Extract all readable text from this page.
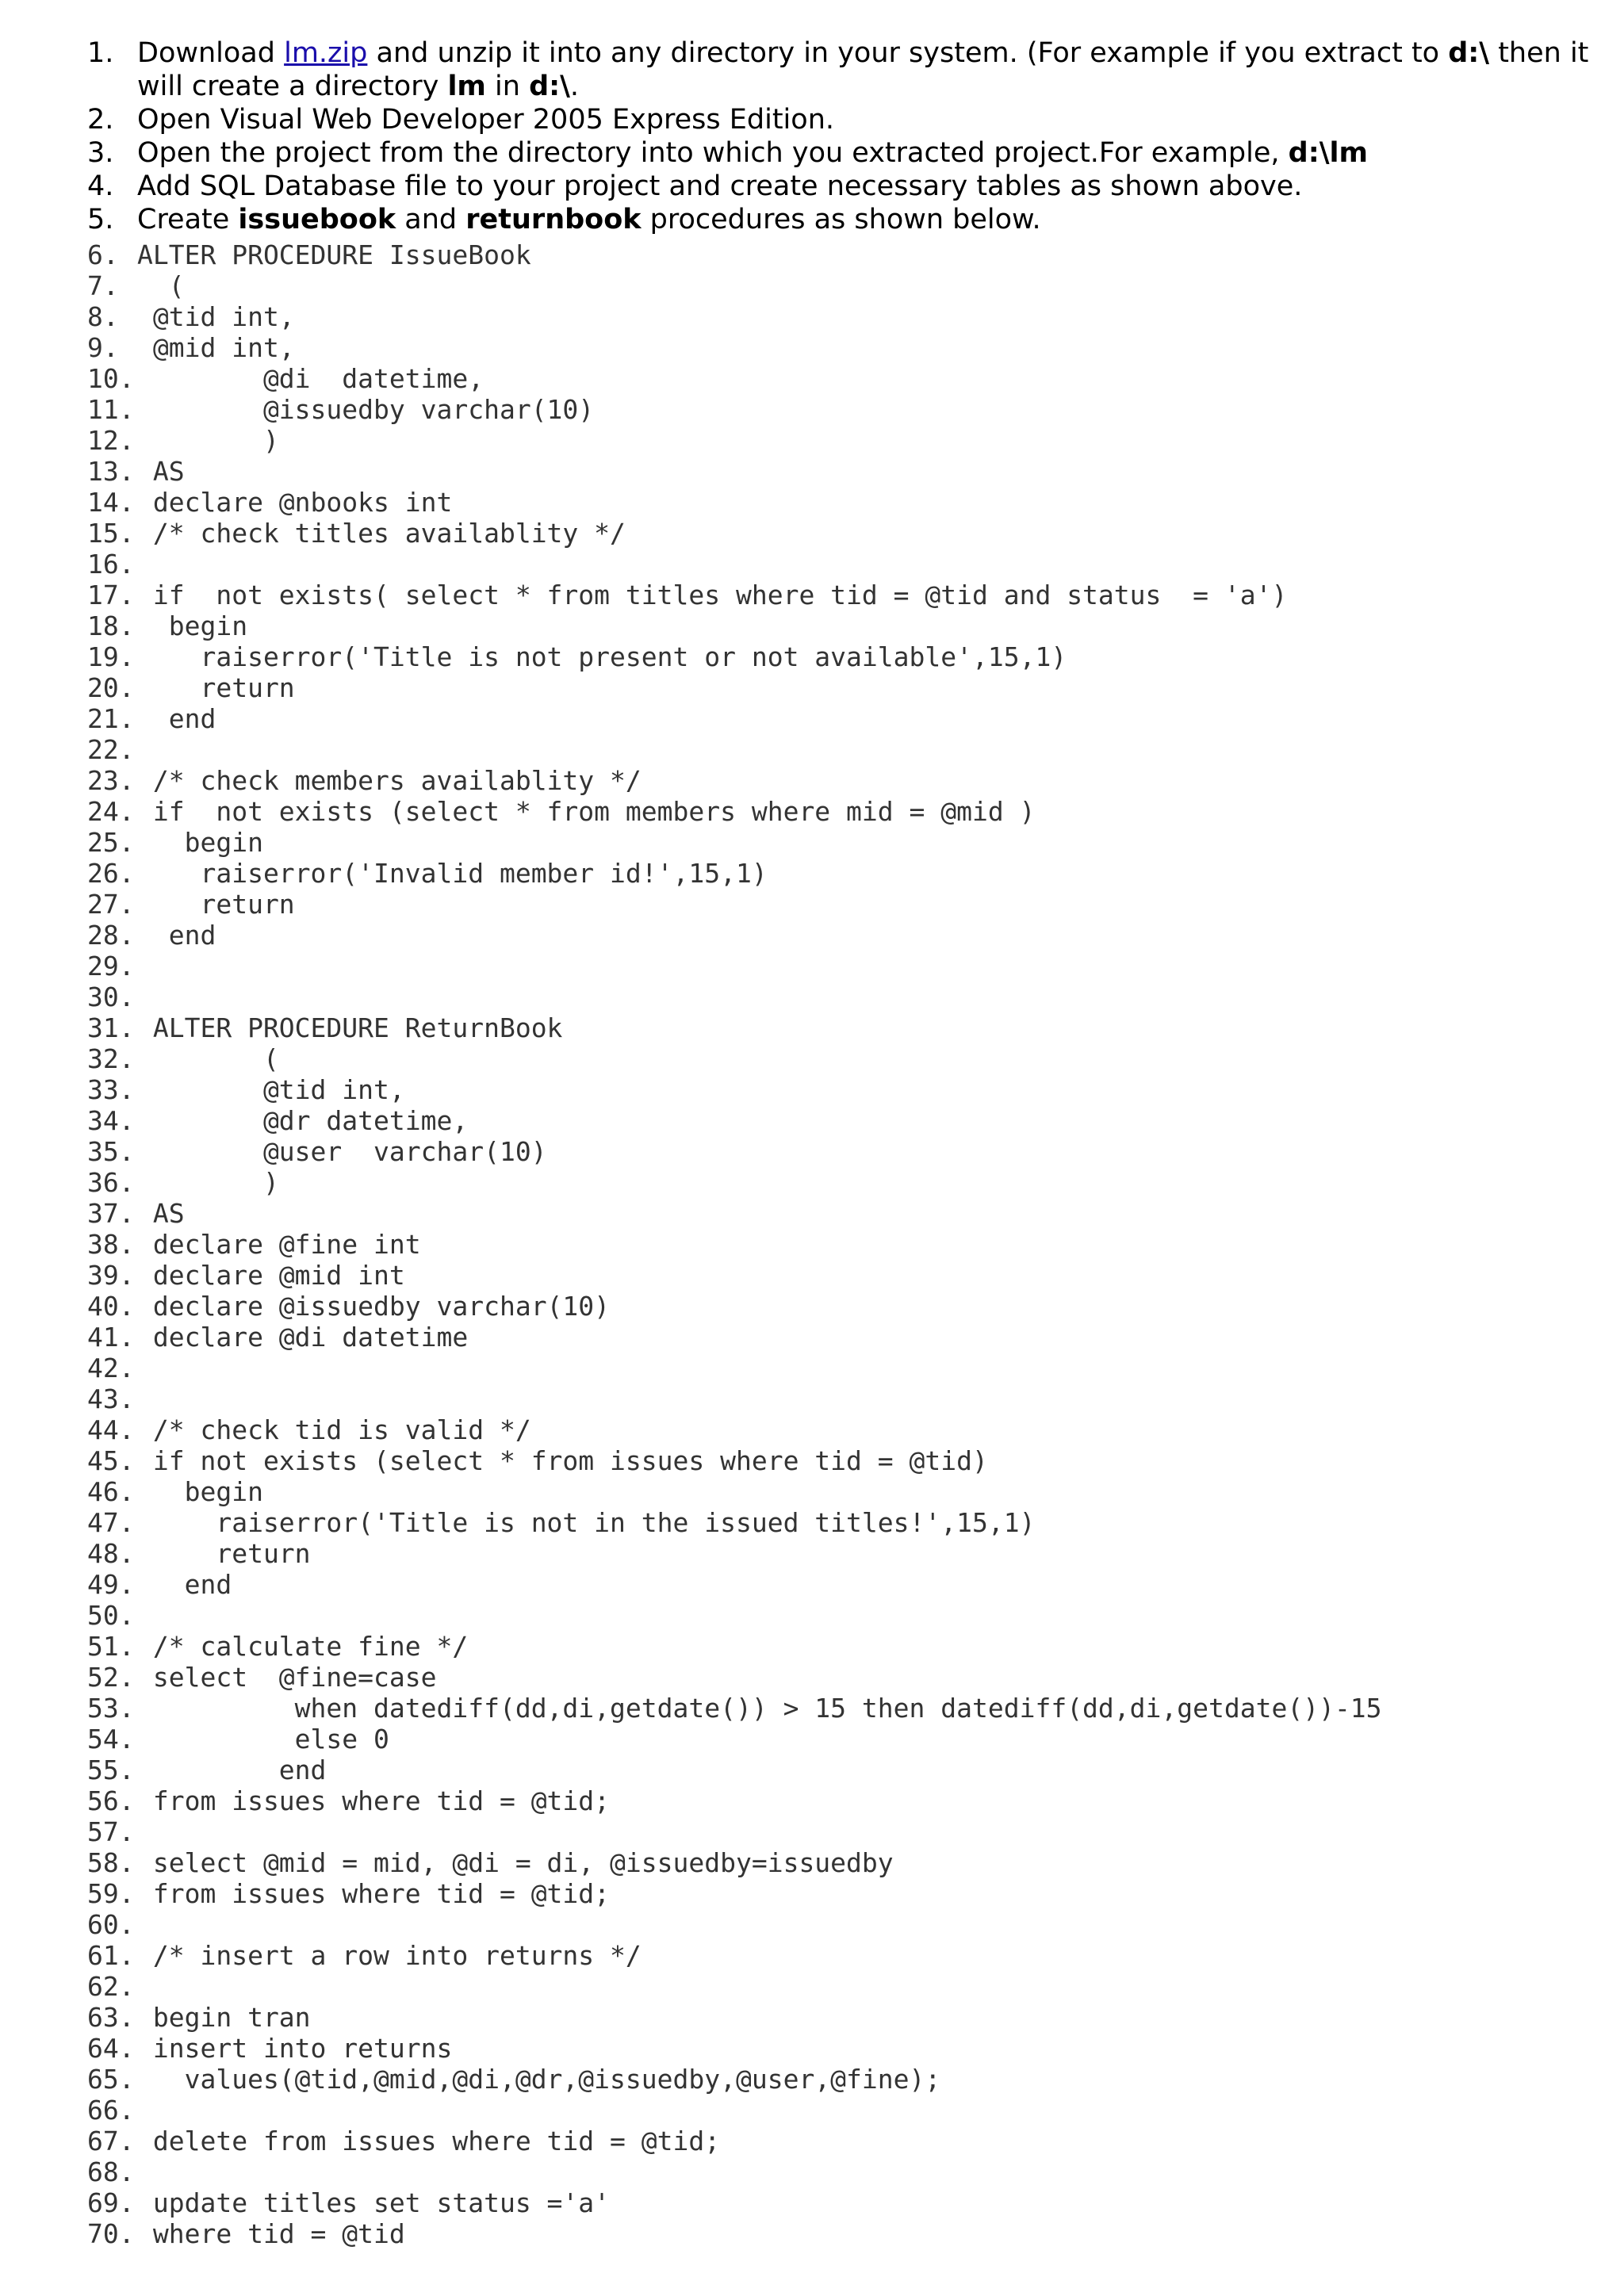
1. Download lm.zip and unzip it into any directory in your system. (For example if you extract to d:\ then it will create a directory lm in d:\.
2. Open Visual Web Developer 2005 Express Edition.
3. Open the project from the directory into which you extracted project.For example, d:\lm
4. Add SQL Database file to your project and create necessary tables as shown above.
5. Create issuebook and returnbook procedures as shown below.
6. ALTER PROCEDURE IssueBook
7. (
8. @tid int,
9. @mid int,
10. @di  datetime,
11. @issuedby varchar(10)
12. )
13. AS
14. declare @nbooks int
15. /* check titles availablity */
16.
17. if  not exists( select * from titles where tid = @tid and status  = 'a')
18. begin
19. raiserror('Title is not present or not available',15,1)
20. return
21. end
22.
23. /* check members availablity */
24. if  not exists (select * from members where mid = @mid )
25. begin
26. raiserror('Invalid member id!',15,1)
27. return
28. end
29.
30.
31. ALTER PROCEDURE ReturnBook
32. (
33. @tid int,
34. @dr datetime,
35. @user  varchar(10)
36. )
37. AS
38. declare @fine int
39. declare @mid int
40. declare @issuedby varchar(10)
41. declare @di datetime
42.
43.
44. /* check tid is valid */
45. if not exists (select * from issues where tid = @tid)
46. begin
47. raiserror('Title is not in the issued titles!',15,1)
48. return
49. end
50.
51. /* calculate fine */
52. select  @fine=case
53. when datediff(dd,di,getdate()) > 15 then datediff(dd,di,getdate())-15
54. else 0
55. end
56. from issues where tid = @tid;
57.
58. select @mid = mid, @di = di, @issuedby=issuedby
59. from issues where tid = @tid;
60.
61. /* insert a row into returns */
62.
63. begin tran
64. insert into returns
65. values(@tid,@mid,@di,@dr,@issuedby,@user,@fine);
66.
67. delete from issues where tid = @tid;
68.
69. update titles set status ='a'
70. where tid = @tid
